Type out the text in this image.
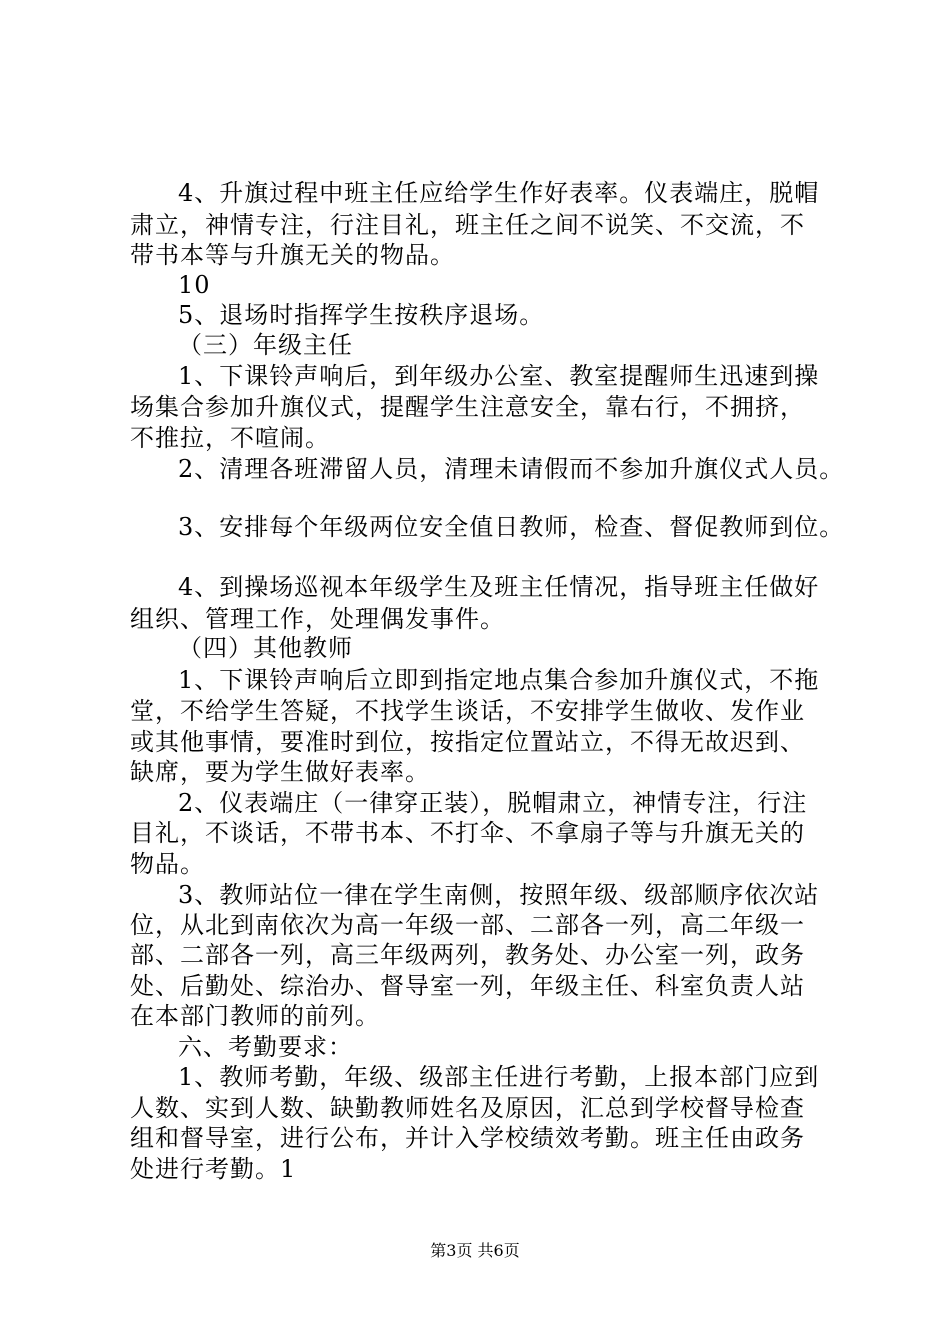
4、升旗过程中班主任应给学生作好表率。仪表端庄，脱帽
肃立，神情专注，行注目礼，班主任之间不说笑、不交流，不
带书本等与升旗无关的物品。
10
5、退场时指挥学生按秩序退场。
（三）年级主任
1、下课铃声响后，到年级办公室、教室提醒师生迅速到操
场集合参加升旗仪式，提醒学生注意安全，靠右行，不拥挤，
不推拉，不喧闹。
2、清理各班滞留人员，清理未请假而不参加升旗仪式人员。
3、安排每个年级两位安全值日教师，检查、督促教师到位。
4、到操场巡视本年级学生及班主任情况，指导班主任做好
组织、管理工作，处理偶发事件。
（四）其他教师
1、下课铃声响后立即到指定地点集合参加升旗仪式，不拖
堂，不给学生答疑，不找学生谈话，不安排学生做收、发作业
或其他事情，要准时到位，按指定位置站立，不得无故迟到、
缺席，要为学生做好表率。
2、仪表端庄（一律穿正装），脱帽肃立，神情专注，行注
目礼，不谈话，不带书本、不打伞、不拿扇子等与升旗无关的
物品。
3、教师站位一律在学生南侧，按照年级、级部顺序依次站
位，从北到南依次为高一年级一部、二部各一列，高二年级一
部、二部各一列，高三年级两列，教务处、办公室一列，政务
处、后勤处、综治办、督导室一列，年级主任、科室负责人站
在本部门教师的前列。
六、考勤要求：
1、教师考勤，年级、级部主任进行考勤，上报本部门应到
人数、实到人数、缺勤教师姓名及原因，汇总到学校督导检查
组和督导室，进行公布，并计入学校绩效考勤。班主任由政务
处进行考勤。1
第3页 共6页
